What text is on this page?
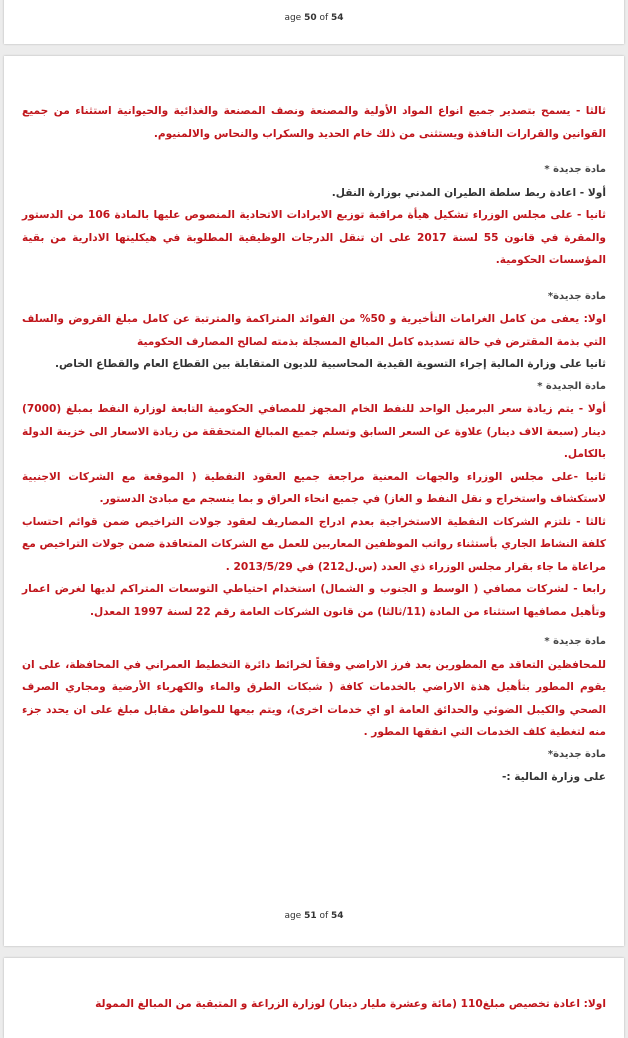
age 50 of 54

ثالثا - يسمح بتصدير جميع انواع المواد الأولية والمصنعة ونصف المصنعة والغذائية والحيوانية استثناء من جميع القوانين والقرارات النافذة ويستثنى من ذلك خام الحديد والسكراب والنحاس والالمنيوم.

مادة جديدة *

أولا - اعادة ربط سلطة الطيران المدني بوزارة النقل.

ثانيا - على مجلس الوزراء تشكيل هيأة مراقبة توزيع الايرادات الاتحادية المنصوص عليها بالمادة 106 من الدستور والمقرة في قانون 55 لسنة 2017 على ان تنقل الدرجات الوظيفية المطلوبة في هيكليتها الادارية من بقية المؤسسات الحكومية.

مادة جديدة*

اولا: يعفى من كامل الغرامات التأخيرية و 50% من الفوائد المتراكمة والمترتبة عن كامل مبلغ القروض والسلف التي بذمة المقترض في حالة تسديده كامل المبالغ المسجلة بذمته لصالح المصارف الحكومية

ثانيا على وزارة المالية إجراء التسوية القيدية المحاسبية للديون المتقابلة بين القطاع العام والقطاع الخاص.

مادة الجديدة *

أولا - يتم زيادة سعر البرميل الواحد للنفط الخام المجهز للمصافي الحكومية التابعة لوزارة النفط بمبلغ (7000) دينار (سبعة الاف دينار) علاوة عن السعر السابق وتسلم جميع المبالغ المتحققة من زيادة الاسعار الى خزينة الدولة بالكامل.

ثانيا -على مجلس الوزراء والجهات المعنية مراجعة جميع العقود النفطية ( الموقعة مع الشركات الاجنبية لاستكشاف واستخراج و نقل النفط و الغاز) في جميع انحاء العراق و بما ينسجم مع مبادئ الدستور.

ثالثا - تلتزم الشركات النفطية الاستخراجية بعدم ادراج المصاريف لعقود جولات التراخيص ضمن قوائم احتساب كلفة النشاط الجاري بأستثناء رواتب الموظفين المعاربين للعمل مع الشركات المتعاقدة ضمن جولات التراخيص مع مراعاة ما جاء بقرار مجلس الوزراء ذي العدد (س.ل212) في 2013/5/29 .

رابعا - لشركات مصافي ( الوسط و الجنوب و الشمال) استخدام احتياطي التوسعات المتراكم لديها لغرض اعمار وتأهيل مصافيها استثناء من المادة (11/ثالثا) من قانون الشركات العامة رقم 22 لسنة 1997 المعدل.

مادة جديدة *

للمحافظين التعاقد مع المطورين بعد فرز الاراضي وفقاً لخرائط دائرة التخطيط العمراني في المحافظة، على ان يقوم المطور بتأهيل هذة الاراضي بالخدمات كافة ( شبكات الطرق والماء والكهرباء الأرضية ومجاري الصرف الصحي والكيبل الضوئي والحدائق العامة او اي خدمات اخرى)، ويتم بيعها للمواطن مقابل مبلغ على ان يحدد جزء منه لتغطية كلف الخدمات التي انفقها المطور .

مادة جديدة*

على وزارة المالية :-

age 51 of 54

اولا: اعادة تخصيص مبلغ110 (مائة وعشرة مليار دينار) لوزارة الزراعة و المتبقية من المبالغ الممولة
